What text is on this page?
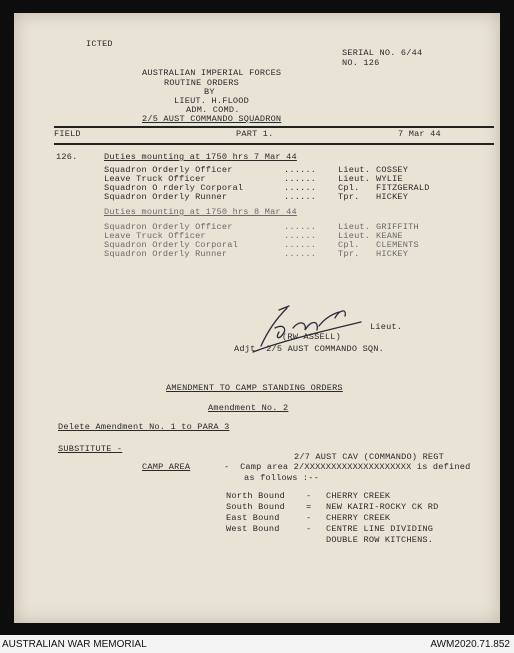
ICTED
SERIAL NO. 6/44
NO. 126
AUSTRALIAN IMPERIAL FORCES
ROUTINE ORDERS
BY
LIEUT. H.FLOOD
ADM. COMD.
2/5 AUST COMMANDO SQUADRON
FIELD	PART 1.	7 Mar 44
126.	Duties mounting at 1750 hrs 7 Mar 44
Squadron Orderly Officer	......	Lieut. COSSEY
Leave Truck Officer	......	Lieut. WYLIE
Squadron O rderly Corporal	......	Cpl. FITZGERALD
Squadron Orderly Runner	......	Tpr. HICKEY
Duties mounting at 1750 hrs 8 Mar 44
Squadron Orderly Officer	......	Lieut. GRIFFITH
Leave Truck Officer	......	Lieut. KEANE
Squadron Orderly Corporal	......	Cpl. CLEMENTS
Squadron Orderly Runner	......	Tpr. HICKEY
Lieut.
(RW ASSELL)
Adjt. 2/5 AUST COMMANDO SQN.
AMENDMENT TO CAMP STANDING ORDERS
Amendment No. 2
Delete Amendment No. 1 to PARA 3
SUBSTITUTE -
2/7 AUST CAV (COMMANDO) REGT
CAMP AREA	-  Camp area 2/XXXXXXXXXXXXXXXXXXXX is defined
as follows :--
North Bound - CHERRY CREEK
South Bound = NEW KAIRI-ROCKY CK RD
East Bound	- CHERRY CREEK
West Bound	- CENTRE LINE DIVIDING
DOUBLE ROW KITCHENS.
AUSTRALIAN WAR MEMORIAL	AWM2020.71.852
